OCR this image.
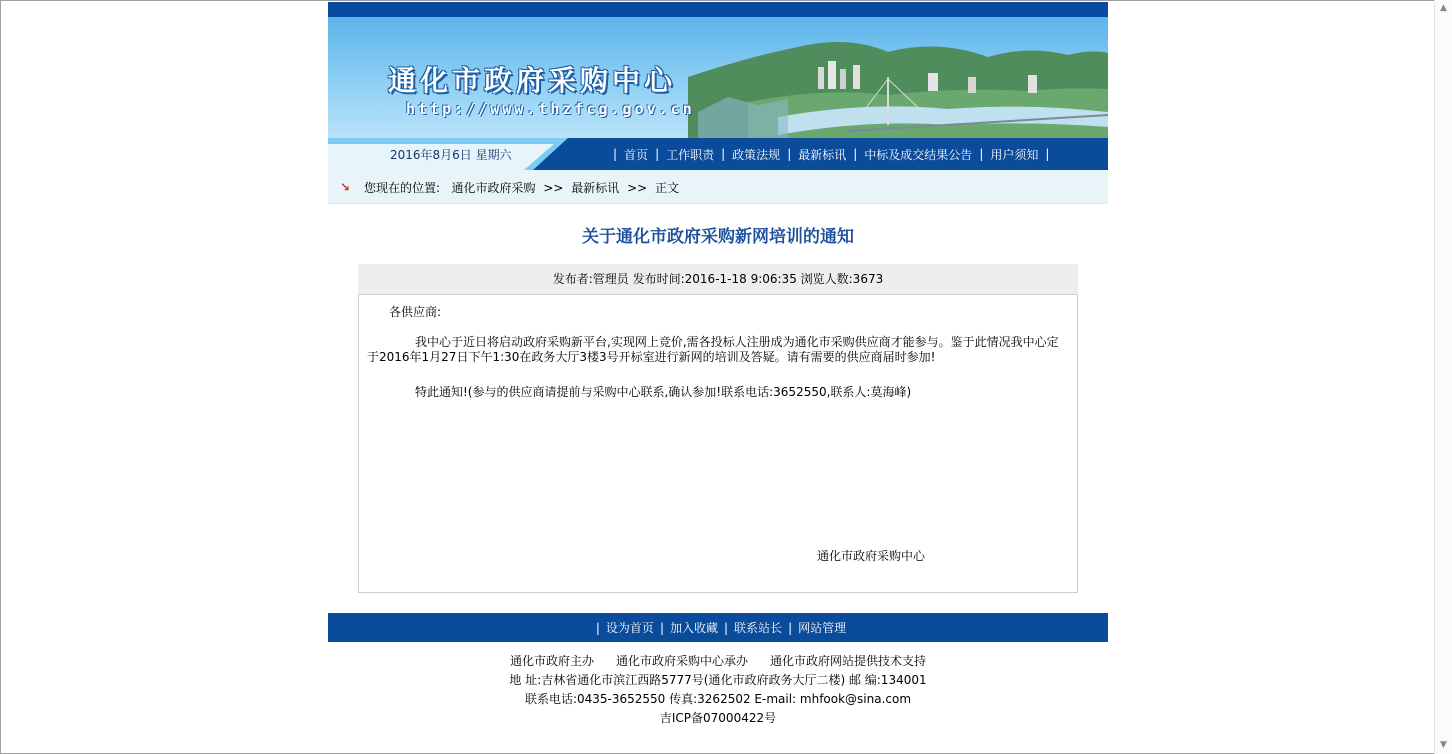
通化市政府采购中心
http://www.thzfcg.gov.cn
2016年8月6日 星期六	| 首页 | 工作职责 | 政策法规 | 最新标讯 | 中标及成交结果公告 | 用户须知 |
↘ 您现在的位置: 通化市政府采购 >> 最新标讯 >> 正文
关于通化市政府采购新网培训的通知
发布者:管理员 发布时间:2016-1-18 9:06:35 浏览人数:3673
各供应商:
我中心于近日将启动政府采购新平台,实现网上竞价,需各投标人注册成为通化市采购供应商才能参与。鉴于此情况我中心定于2016年1月27日下午1:30在政务大厅3楼3号开标室进行新网的培训及答疑。请有需要的供应商届时参加!
特此通知!(参与的供应商请提前与采购中心联系,确认参加!联系电话:3652550,联系人:莫海峰)
通化市政府采购中心
| 设为首页 | 加入收藏 | 联系站长 | 网站管理
通化市政府主办 通化市政府采购中心承办 通化市政府网站提供技术支持
地 址:吉林省通化市滨江西路5777号(通化市政府政务大厅二楼) 邮 编:134001
联系电话:0435-3652550 传真:3262502 E-mail: mhfook@sina.com
吉ICP备07000422号
▲
▼
